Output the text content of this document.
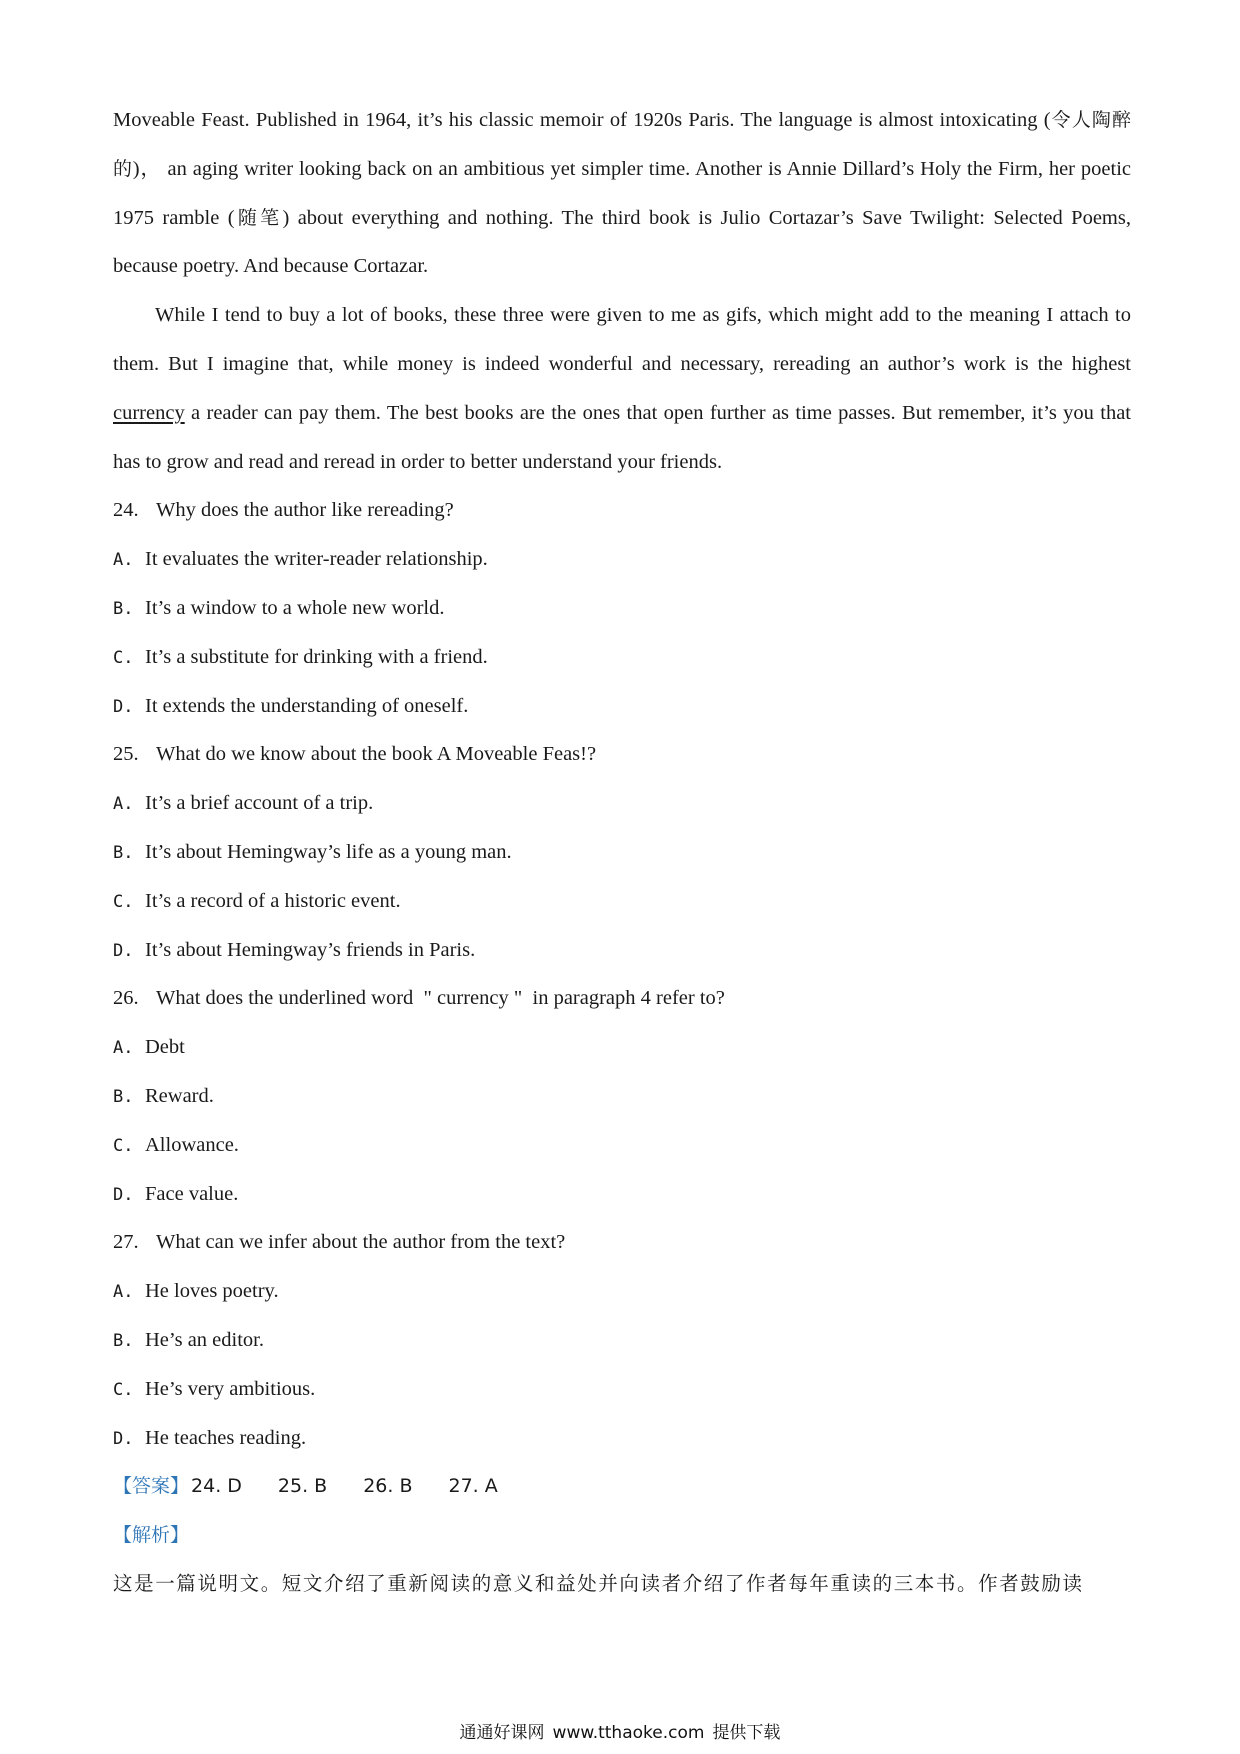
Moveable Feast. Published in 1964, it’s his classic memoir of 1920s Paris. The language is almost intoxicating (令人陶醉的)， an aging writer looking back on an ambitious yet simpler time. Another is Annie Dillard’s Holy the Firm, her poetic 1975 ramble (随笔) about everything and nothing. The third book is Julio Cortazar’s Save Twilight: Selected Poems, because poetry. And because Cortazar.

While I tend to buy a lot of books, these three were given to me as gifs, which might add to the meaning I attach to them. But I imagine that, while money is indeed wonderful and necessary, rereading an author’s work is the highest currency a reader can pay them. The best books are the ones that open further as time passes. But remember, it’s you that has to grow and read and reread in order to better understand your friends.

24. Why does the author like rereading?
A. It evaluates the writer-reader relationship.
B. It’s a window to a whole new world.
C. It’s a substitute for drinking with a friend.
D. It extends the understanding of oneself.
25. What do we know about the book A Moveable Feas!?
A. It’s a brief account of a trip.
B. It’s about Hemingway’s life as a young man.
C. It’s a record of a historic event.
D. It’s about Hemingway’s friends in Paris.
26. What does the underlined word  " currency "  in paragraph 4 refer to?
A. Debt
B. Reward.
C. Allowance.
D. Face value.
27. What can we infer about the author from the text?
A. He loves poetry.
B. He’s an editor.
C. He’s very ambitious.
D. He teaches reading.
【答案】 24. D 25. B 26. B 27. A
【解析】
这是一篇说明文。短文介绍了重新阅读的意义和益处并向读者介绍了作者每年重读的三本书。作者鼓励读
通通好课网 www.tthaoke.com 提供下载
